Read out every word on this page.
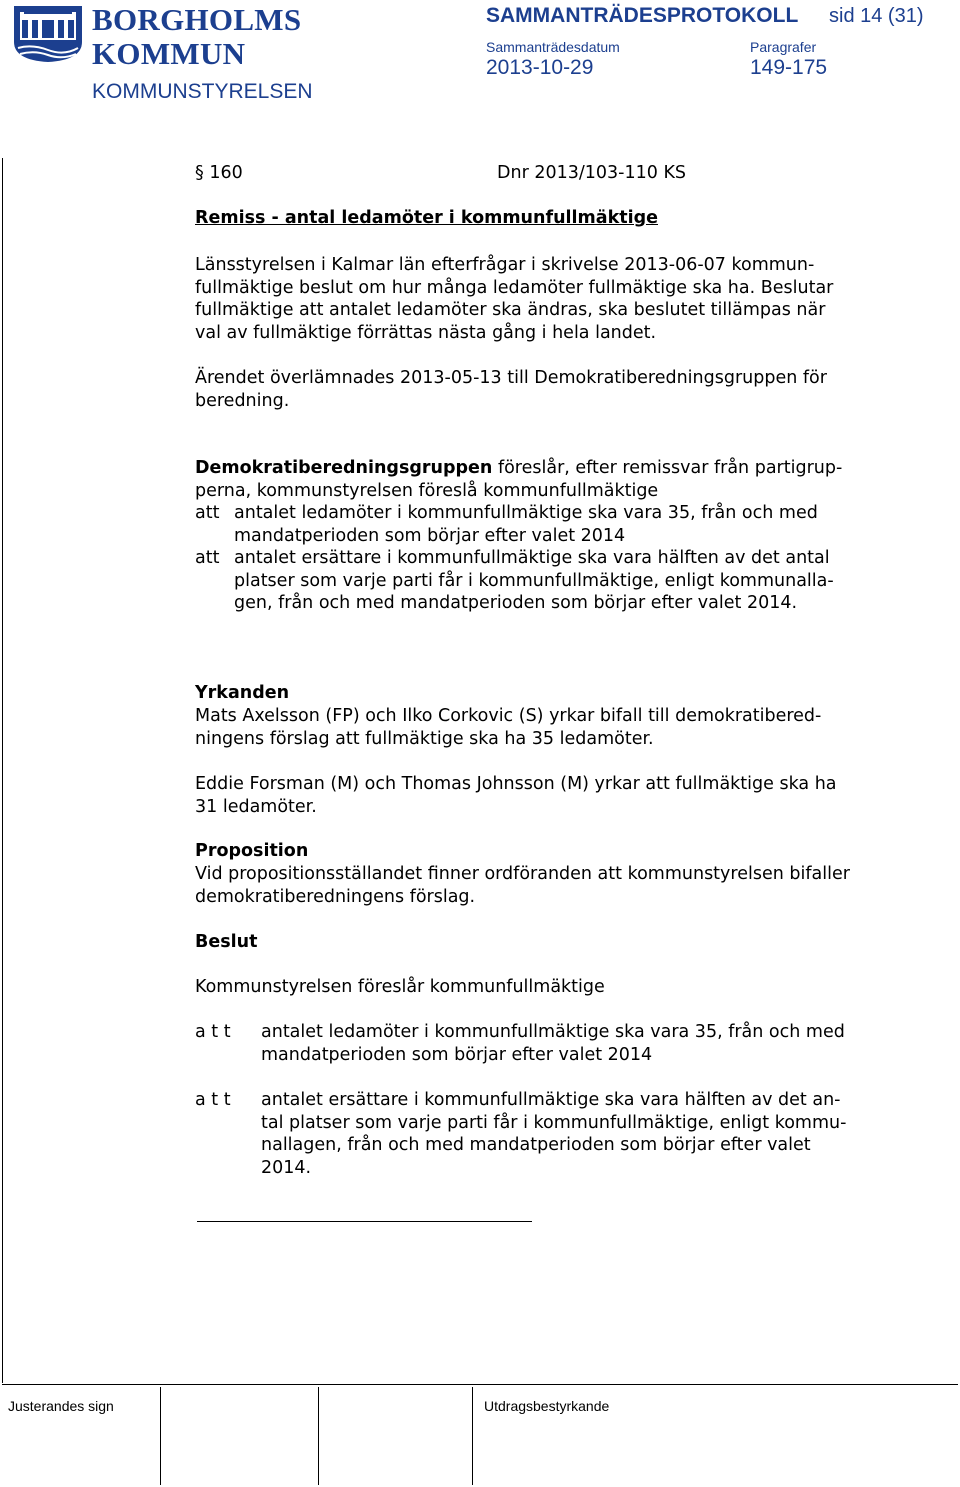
BORGHOLMS
KOMMUN
KOMMUNSTYRELSEN
SAMMANTRÄDESPROTOKOLL sid 14 (31)
Sammanträdesdatum
2013-10-29
Paragrafer
149-175
§ 160	Dnr 2013/103-110 KS
Remiss - antal ledamöter i kommunfullmäktige
Länsstyrelsen i Kalmar län efterfrågar i skrivelse 2013-06-07 kommun-
fullmäktige beslut om hur många ledamöter fullmäktige ska ha. Beslutar
fullmäktige att antalet ledamöter ska ändras, ska beslutet tillämpas när
val av fullmäktige förrättas nästa gång i hela landet.
Ärendet överlämnades 2013-05-13 till Demokratiberedningsgruppen för
beredning.
Demokratiberedningsgruppen föreslår, efter remissvar från partigrup-
perna, kommunstyrelsen föreslå kommunfullmäktige
att antalet ledamöter i kommunfullmäktige ska vara 35, från och med
mandatperioden som börjar efter valet 2014
att antalet ersättare i kommunfullmäktige ska vara hälften av det antal
platser som varje parti får i kommunfullmäktige, enligt kommunalla-
gen, från och med mandatperioden som börjar efter valet 2014.
Yrkanden
Mats Axelsson (FP) och Ilko Corkovic (S) yrkar bifall till demokratibered-
ningens förslag att fullmäktige ska ha 35 ledamöter.
Eddie Forsman (M) och Thomas Johnsson (M) yrkar att fullmäktige ska ha
31 ledamöter.
Proposition
Vid propositionsställandet finner ordföranden att kommunstyrelsen bifaller
demokratiberedningens förslag.
Beslut
Kommunstyrelsen föreslår kommunfullmäktige
a t t antalet ledamöter i kommunfullmäktige ska vara 35, från och med
mandatperioden som börjar efter valet 2014
a t t antalet ersättare i kommunfullmäktige ska vara hälften av det an-
tal platser som varje parti får i kommunfullmäktige, enligt kommu-
nallagen, från och med mandatperioden som börjar efter valet
2014.
Justerandes sign	Utdragsbestyrkande
